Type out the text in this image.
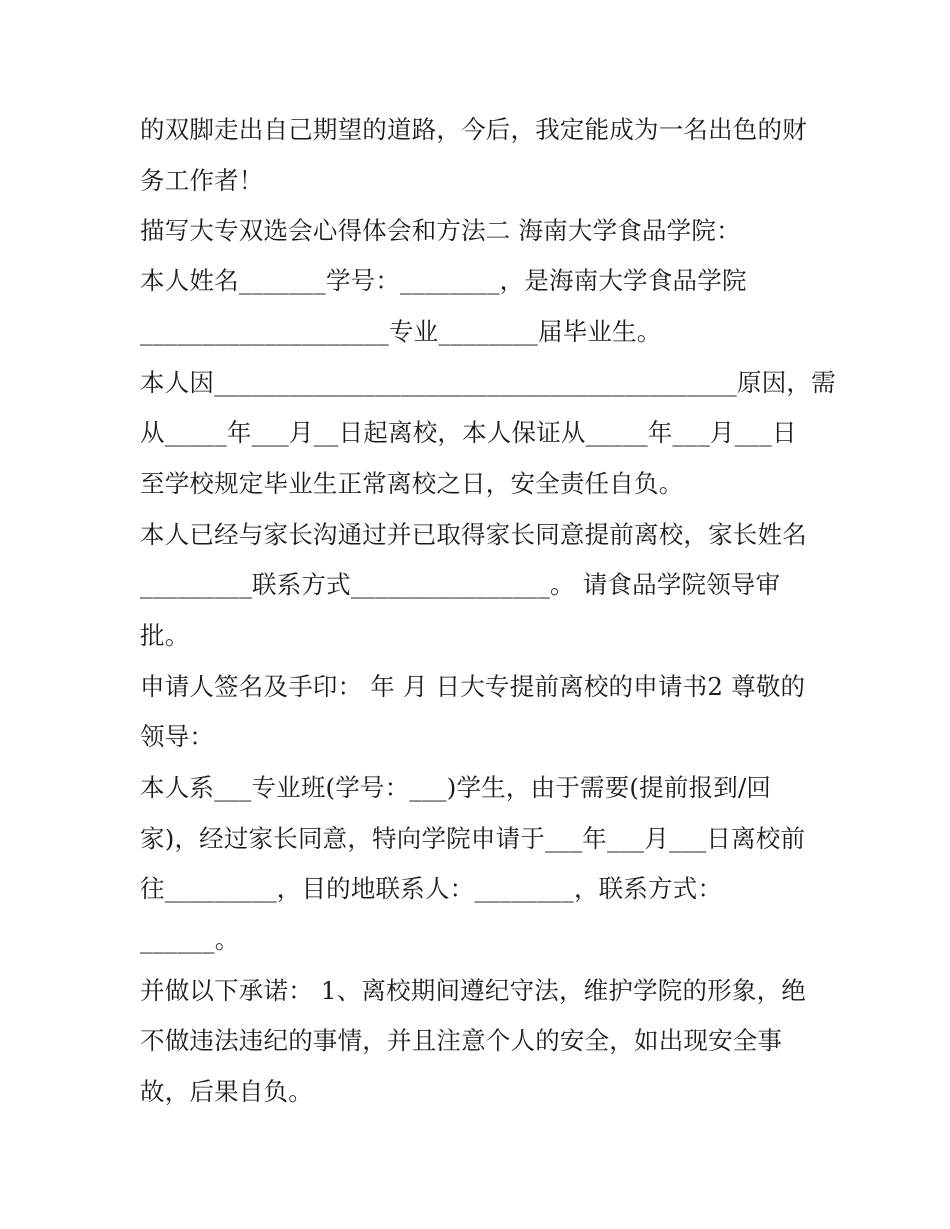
的双脚走出自己期望的道路，今后，我定能成为一名出色的财
务工作者！
描写大专双选会心得体会和方法二 海南大学食品学院：
本人姓名_______学号：________，是海南大学食品学院
____________________专业________届毕业生。
本人因__________________________________________原因，需
从_____年___月__日起离校，本人保证从_____年___月___日
至学校规定毕业生正常离校之日，安全责任自负。
本人已经与家长沟通过并已取得家长同意提前离校，家长姓名
_________联系方式________________。 请食品学院领导审
批。
申请人签名及手印： 年 月 日大专提前离校的申请书2 尊敬的
领导：
本人系___专业班(学号：___)学生，由于需要(提前报到/回
家)，经过家长同意，特向学院申请于___年___月___日离校前
往_________，目的地联系人：________，联系方式：
______。
并做以下承诺： 1、离校期间遵纪守法，维护学院的形象，绝
不做违法违纪的事情，并且注意个人的安全，如出现安全事
故，后果自负。
